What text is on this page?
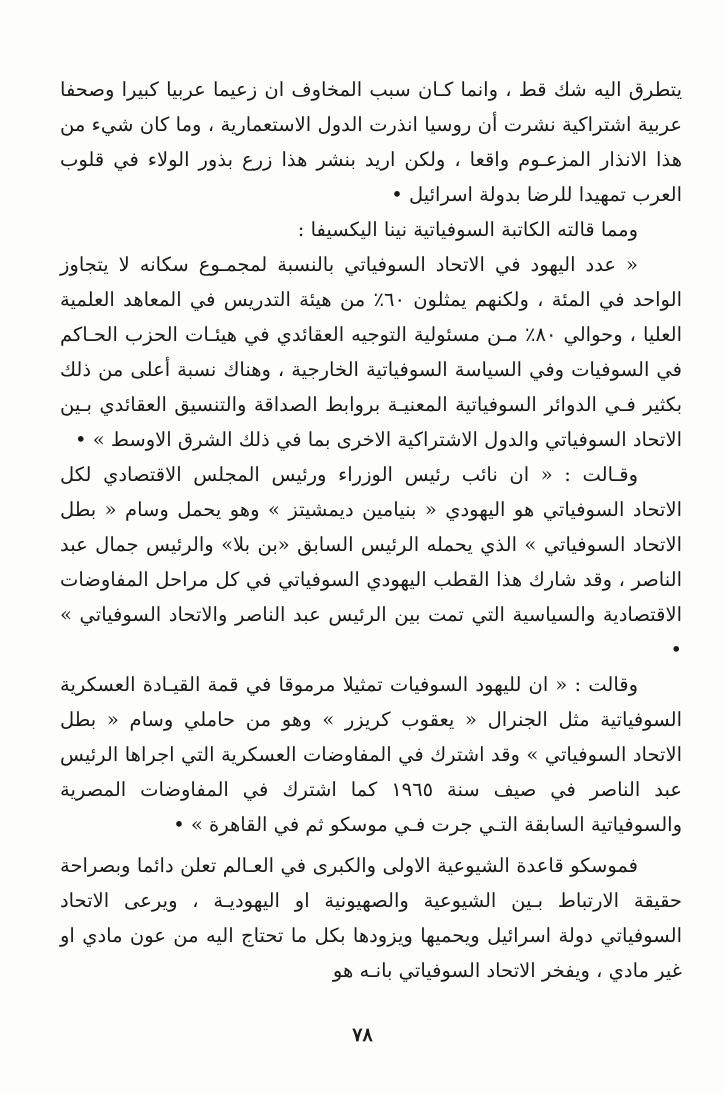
يتطرق اليه شك قط ، وانما كـان سبب المخاوف ان زعيما عربيا كبيرا وصحفا عربية اشتراكية نشرت أن روسيا انذرت الدول الاستعمارية ، وما كان شيء من هذا الانذار المزعـوم واقعا ، ولكن اريد بنشر هذا زرع بذور الولاء في قلوب العرب تمهيدا للرضا بدولة اسرائيل •

ومما قالته الكاتبة السوفياتية نينا اليكسيفا :

« عدد اليهود في الاتحاد السوفياتي بالنسبة لمجمـوع سكانه لا يتجاوز الواحد في المئة ، ولكنهم يمثلون ٦٠٪ من هيئة التدريس في المعاهد العلمية العليا ، وحوالي ٨٠٪ مـن مسئولية التوجيه العقائدي في هيئـات الحزب الحـاكم في السوفيات وفي السياسة السوفياتية الخارجية ، وهناك نسبة أعلى من ذلك بكثير فـي الدوائر السوفياتية المعنيـة بروابط الصداقة والتنسيق العقائدي بـين الاتحاد السوفياتي والدول الاشتراكية الاخرى بما في ذلك الشرق الاوسط » •

وقـالت : « ان نائب رئيس الوزراء ورئيس المجلس الاقتصادي لكل الاتحاد السوفياتي هو اليهودي « بنيامين ديمشيتز » وهو يحمل وسام « بطل الاتحاد السوفياتي » الذي يحمله الرئيس السابق «بن بلا» والرئيس جمال عبد الناصر ، وقد شارك هذا القطب اليهودي السوفياتي في كل مراحل المفاوضات الاقتصادية والسياسية التي تمت بين الرئيس عبد الناصر والاتحاد السوفياتي » •

وقالت : « ان لليهود السوفيات تمثيلا مرموقا في قمة القيـادة العسكرية السوفياتية مثل الجنرال « يعقوب كريزر » وهو من حاملي وسام « بطل الاتحاد السوفياتي » وقد اشترك في المفاوضات العسكرية التي اجراها الرئيس عبد الناصر في صيف سنة ١٩٦٥ كما اشترك في المفاوضات المصرية والسوفياتية السابقة التـي جرت فـي موسكو ثم في القاهرة » •

فموسكو قاعدة الشيوعية الاولى والكبرى في العـالم تعلن دائما وبصراحة حقيقة الارتباط بـين الشيوعية والصهيونية او اليهوديـة ، ويرعى الاتحاد السوفياتي دولة اسرائيل ويحميها ويزودها بكل ما تحتاج اليه من عون مادي او غير مادي ، ويفخر الاتحاد السوفياتي بانـه هو

٧٨
